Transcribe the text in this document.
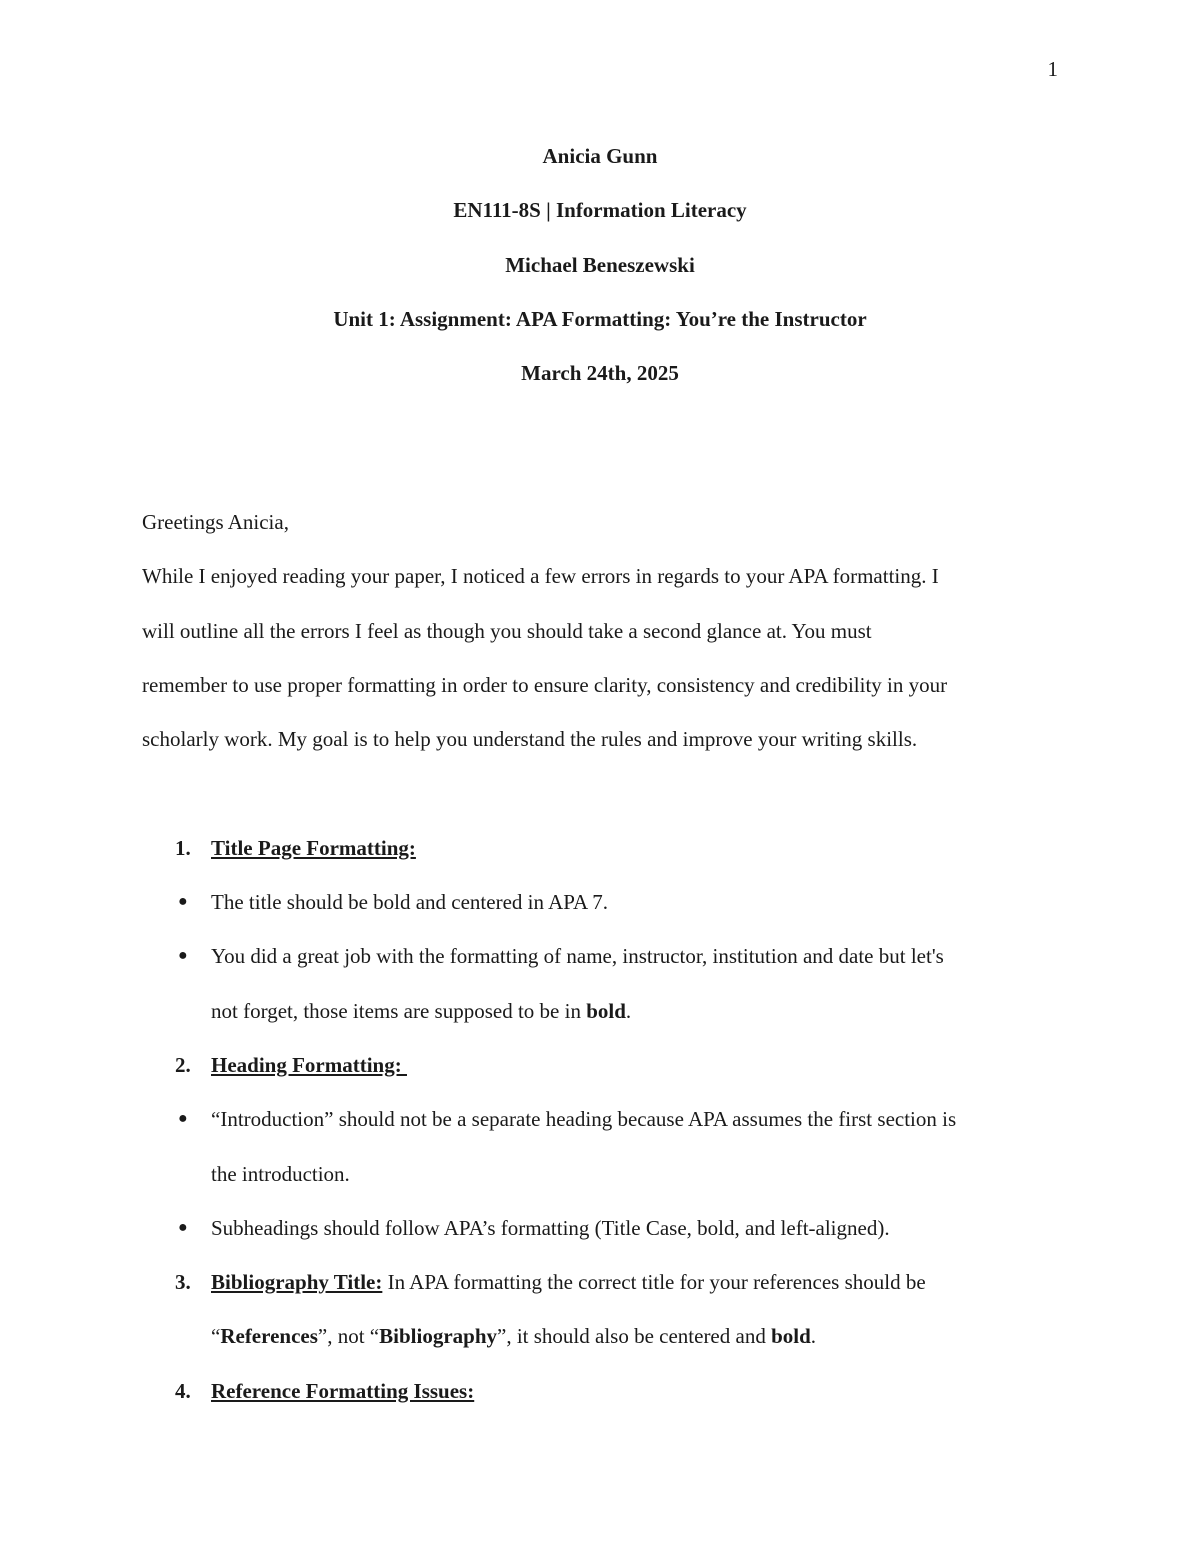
1
Anicia Gunn
EN111-8S | Information Literacy
Michael Beneszewski
Unit 1: Assignment: APA Formatting: You’re the Instructor
March 24th, 2025
Greetings Anicia,
While I enjoyed reading your paper, I noticed a few errors in regards to your APA formatting. I
will outline all the errors I feel as though you should take a second glance at. You must
remember to use proper formatting in order to ensure clarity, consistency and credibility in your
scholarly work. My goal is to help you understand the rules and improve your writing skills.
1. Title Page Formatting:
● The title should be bold and centered in APA 7.
● You did a great job with the formatting of name, instructor, institution and date but let's
not forget, those items are supposed to be in bold.
2. Heading Formatting:
● “Introduction” should not be a separate heading because APA assumes the first section is
the introduction.
● Subheadings should follow APA’s formatting (Title Case, bold, and left-aligned).
3. Bibliography Title: In APA formatting the correct title for your references should be
“References”, not “Bibliography”, it should also be centered and bold.
4. Reference Formatting Issues:
